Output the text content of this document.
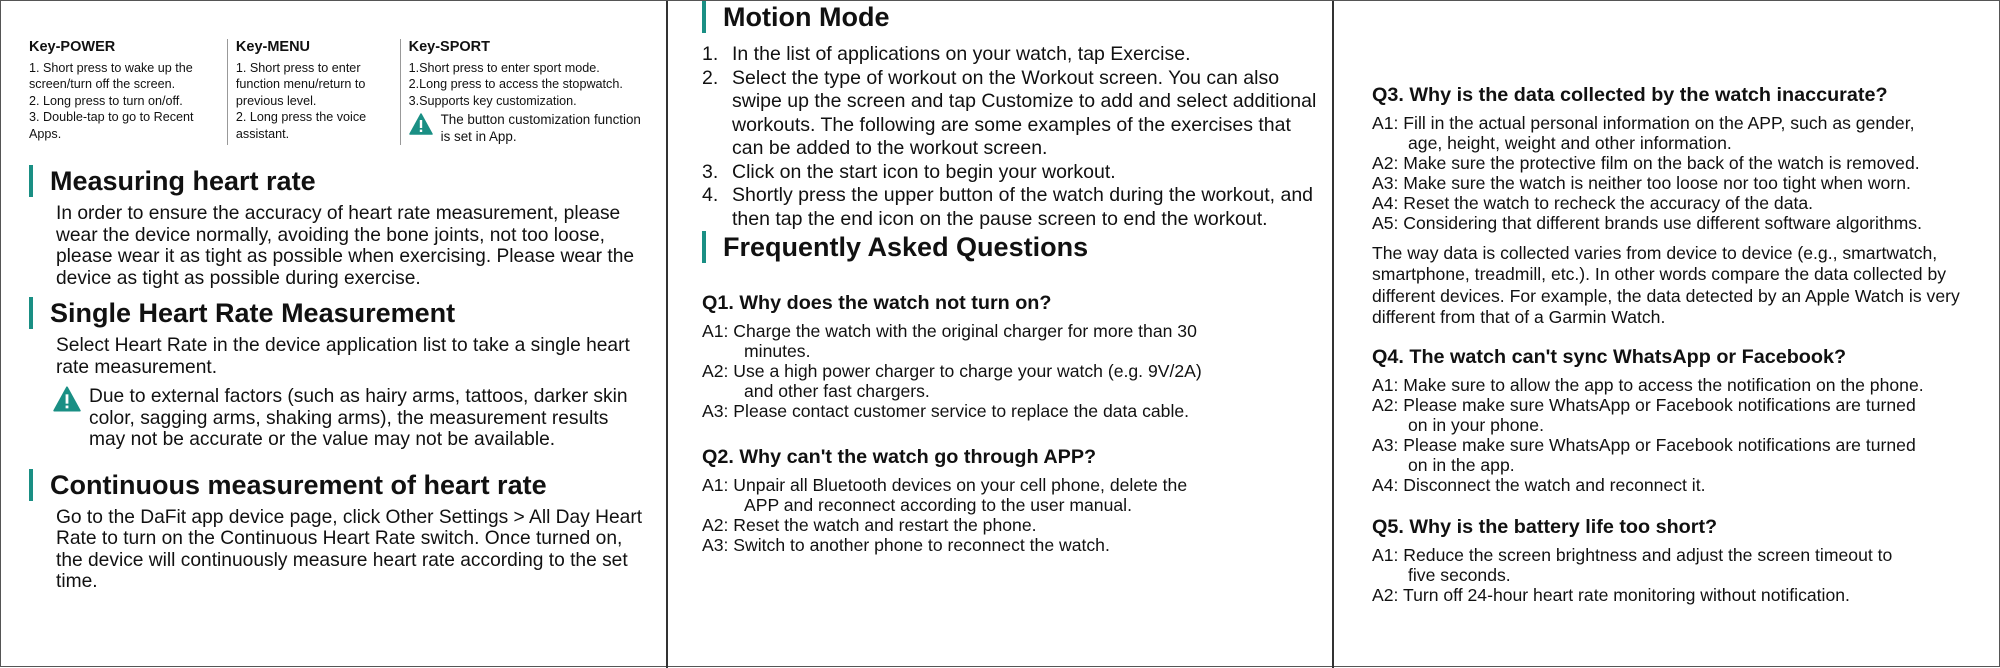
Key-POWER
1. Short press to wake up the screen/turn off the screen.
2. Long press to turn on/off.
3. Double-tap to go to Recent Apps.
Key-MENU
1. Short press to enter function menu/return to previous level.
2. Long press the voice assistant.
Key-SPORT
1.Short press to enter sport mode.
2.Long press to access the stopwatch.
3.Supports key customization.
The button customization function is set in App.
Measuring heart rate
In order to ensure the accuracy of heart rate measurement, please wear the device normally, avoiding the bone joints, not too loose, please wear it as tight as possible when exercising. Please wear the device as tight as possible during exercise.
Single Heart Rate Measurement
Select Heart Rate in the device application list to take a single heart rate measurement.
Due to external factors (such as hairy arms, tattoos, darker skin color, sagging arms, shaking arms), the measurement results may not be accurate or the value may not be available.
Continuous measurement of heart rate
Go to the DaFit app device page, click Other Settings > All Day Heart Rate to turn on the Continuous Heart Rate switch. Once turned on, the device will continuously measure heart rate according to the set time.
Motion Mode
1. In the list of applications on your watch, tap Exercise.
2. Select the type of workout on the Workout screen. You can also swipe up the screen and tap Customize to add and select additional workouts. The following are some examples of the exercises that can be added to the workout screen.
3. Click on the start icon to begin your workout.
4. Shortly press the upper button of the watch during the workout, and then tap the end icon on the pause screen to end the workout.
Frequently Asked Questions
Q1. Why does the watch not turn on?
A1: Charge the watch with the original charger for more than 30
minutes.
A2: Use a high power charger to charge your watch (e.g. 9V/2A)
and other fast chargers.
A3: Please contact customer service to replace the data cable.
Q2. Why can't the watch go through APP?
A1: Unpair all Bluetooth devices on your cell phone, delete the
APP and reconnect according to the user manual.
A2: Reset the watch and restart the phone.
A3: Switch to another phone to reconnect the watch.
Q3. Why is the data collected by the watch inaccurate?
A1: Fill in the actual personal information on the APP, such as gender,
age, height, weight and other information.
A2: Make sure the protective film on the back of the watch is removed.
A3: Make sure the watch is neither too loose nor too tight when worn.
A4: Reset the watch to recheck the accuracy of the data.
A5: Considering that different brands use different software algorithms.
The way data is collected varies from device to device (e.g., smartwatch, smartphone, treadmill, etc.). In other words compare the data collected by different devices. For example, the data detected by an Apple Watch is very different from that of a Garmin Watch.
Q4. The watch can't sync WhatsApp or Facebook?
A1: Make sure to allow the app to access the notification on the phone.
A2: Please make sure WhatsApp or Facebook notifications are turned
on in your phone.
A3: Please make sure WhatsApp or Facebook notifications are turned
on in the app.
A4: Disconnect the watch and reconnect it.
Q5. Why is the battery life too short?
A1: Reduce the screen brightness and adjust the screen timeout to
five seconds.
A2: Turn off 24-hour heart rate monitoring without notification.
